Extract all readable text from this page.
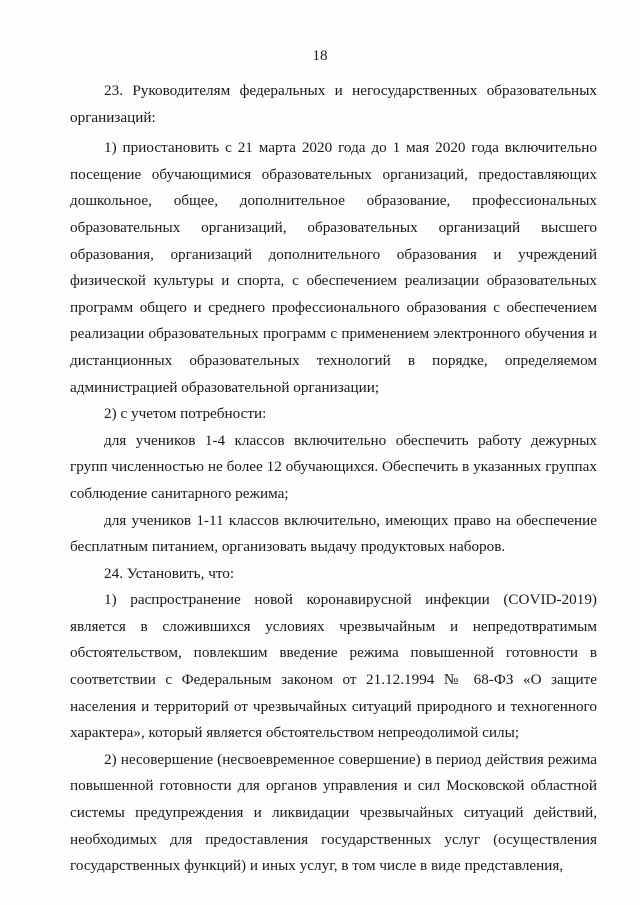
18

23. Руководителям федеральных и негосударственных образовательных организаций:

1) приостановить с 21 марта 2020 года до 1 мая 2020 года включительно посещение обучающимися образовательных организаций, предоставляющих дошкольное, общее, дополнительное образование, профессиональных образовательных организаций, образовательных организаций высшего образования, организаций дополнительного образования и учреждений физической культуры и спорта, с обеспечением реализации образовательных программ общего и среднего профессионального образования с обеспечением реализации образовательных программ с применением электронного обучения и дистанционных образовательных технологий в порядке, определяемом администрацией образовательной организации;

2) с учетом потребности:

для учеников 1-4 классов включительно обеспечить работу дежурных групп численностью не более 12 обучающихся. Обеспечить в указанных группах соблюдение санитарного режима;

для учеников 1-11 классов включительно, имеющих право на обеспечение бесплатным питанием, организовать выдачу продуктовых наборов.

24. Установить, что:

1) распространение новой коронавирусной инфекции (COVID-2019) является в сложившихся условиях чрезвычайным и непредотвратимым обстоятельством, повлекшим введение режима повышенной готовности в соответствии с Федеральным законом от 21.12.1994 № 68-ФЗ «О защите населения и территорий от чрезвычайных ситуаций природного и техногенного характера», который является обстоятельством непреодолимой силы;

2) несовершение (несвоевременное совершение) в период действия режима повышенной готовности для органов управления и сил Московской областной системы предупреждения и ликвидации чрезвычайных ситуаций действий, необходимых для предоставления государственных услуг (осуществления государственных функций) и иных услуг, в том числе в виде представления,
